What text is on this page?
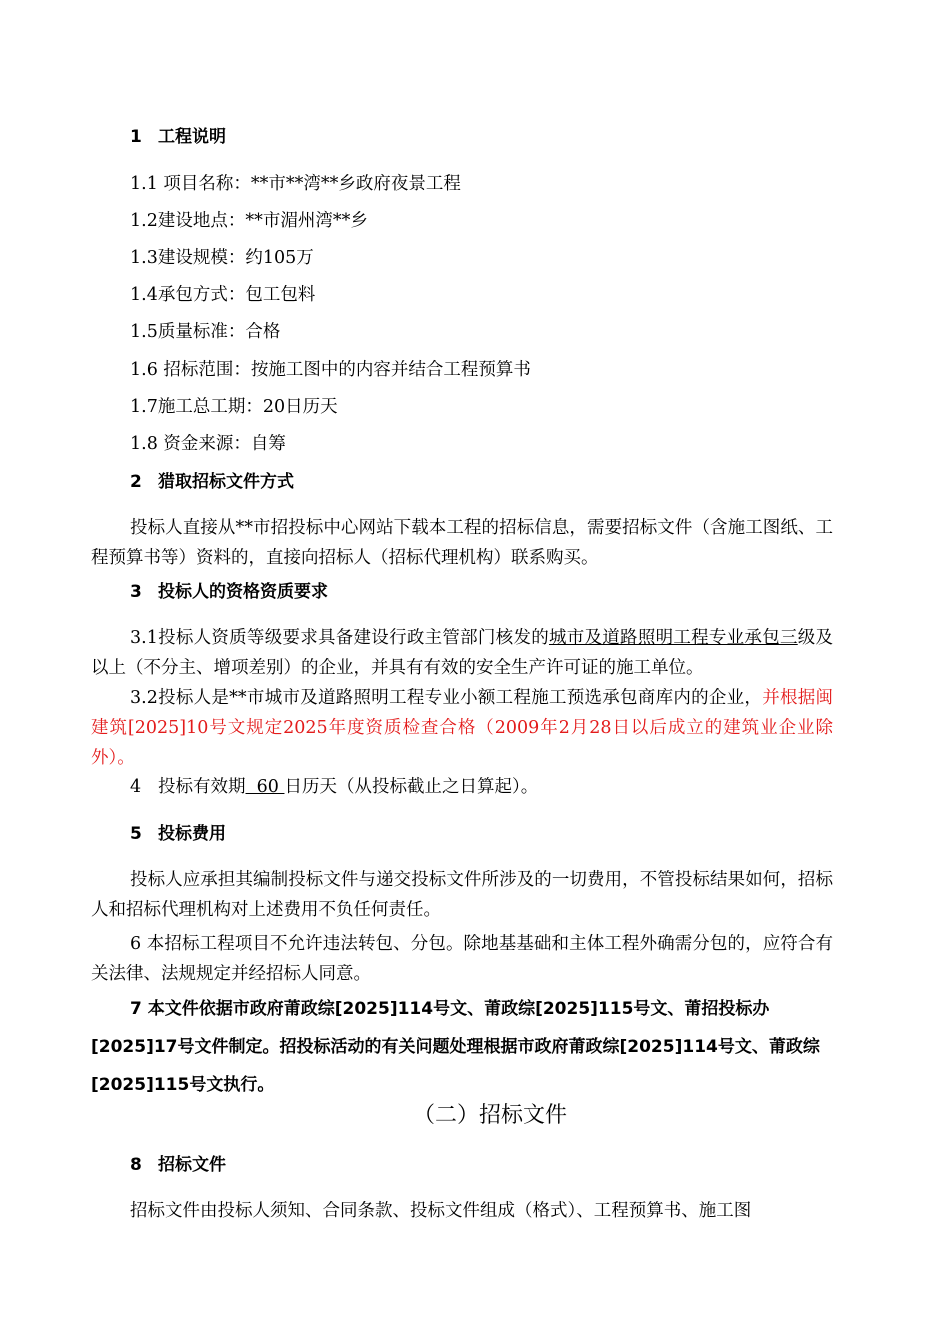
1 工程说明
1.1 项目名称：**市**湾**乡政府夜景工程
1.2建设地点：**市湄州湾**乡
1.3建设规模：约105万
1.4承包方式：包工包料
1.5质量标准：合格
1.6 招标范围：按施工图中的内容并结合工程预算书
1.7施工总工期：20日历天
1.8 资金来源：自筹
2 猎取招标文件方式
投标人直接从**市招投标中心网站下载本工程的招标信息，需要招标文件（含施工图纸、工程预算书等）资料的，直接向招标人（招标代理机构）联系购买。
3 投标人的资格资质要求
3.1投标人资质等级要求具备建设行政主管部门核发的城市及道路照明工程专业承包三级及以上（不分主、增项差别）的企业，并具有有效的安全生产许可证的施工单位。
3.2投标人是**市城市及道路照明工程专业小额工程施工预选承包商库内的企业，并根据闽建筑[2025]10号文规定2025年度资质检查合格（2009年2月28日以后成立的建筑业企业除外）。
4 投标有效期  60 日历天（从投标截止之日算起）。
5 投标费用
投标人应承担其编制投标文件与递交投标文件所涉及的一切费用，不管投标结果如何，招标人和招标代理机构对上述费用不负任何责任。
6 本招标工程项目不允许违法转包、分包。除地基基础和主体工程外确需分包的，应符合有关法律、法规规定并经招标人同意。
7 本文件依据市政府莆政综[2025]114号文、莆政综[2025]115号文、莆招投标办[2025]17号文件制定。招投标活动的有关问题处理根据市政府莆政综[2025]114号文、莆政综[2025]115号文执行。
（二）招标文件
8 招标文件
招标文件由投标人须知、合同条款、投标文件组成（格式）、工程预算书、施工图
